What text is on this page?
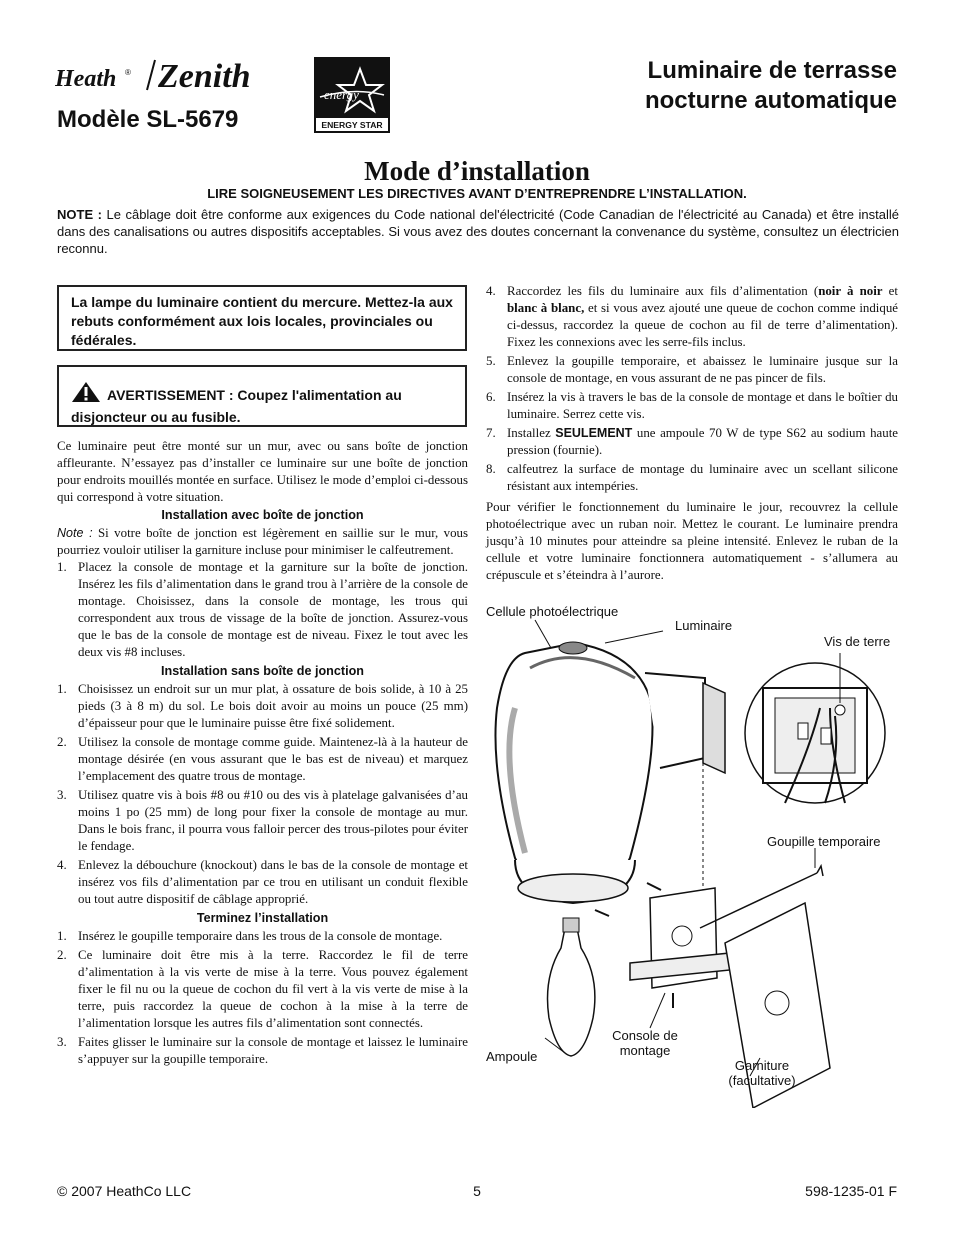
Heath ® Zenith
Modèle SL-5679
energy
ENERGY STAR
Luminaire de terrasse
nocturne automatique
Mode d’installation
LIRE SOIGNEUSEMENT LES DIRECTIVES AVANT D’ENTREPRENDRE L’INSTALLATION.
NOTE : Le câblage doit être conforme aux exigences du Code national del'électricité (Code Canadian de l'électricité au Canada) et être installé dans des canalisations ou autres dispositifs acceptables. Si vous avez des doutes concernant la convenance du système, consultez un électricien reconnu.
La lampe du luminaire contient du mercure. Mettez-la aux rebuts conformément aux lois locales, provinciales ou fédérales.
AVERTISSEMENT : Coupez l'alimentation au disjoncteur ou au fusible.

Ce luminaire peut être monté sur un mur, avec ou sans boîte de jonction affleurante. N’essayez pas d’installer ce luminaire sur une boîte de jonction pour endroits mouillés montée en surface. Utilisez le mode d’emploi ci-dessous qui correspond à votre situation.

Installation avec boîte de jonction

Note : Si votre boîte de jonction est légèrement en saillie sur le mur, vous pourriez vouloir utiliser la garniture incluse pour minimiser le calfeutrement.

1. Placez la console de montage et la garniture sur la boîte de jonction. Insérez les fils d’alimentation dans le grand trou à l’arrière de la console de montage. Choisissez, dans la console de montage, les trous qui correspondent aux trous de vissage de la boîte de jonction. Assurez-vous que le bas de la console de montage est de niveau. Fixez le tout avec les deux vis #8 incluses.

Installation sans boîte de jonction

1. Choisissez un endroit sur un mur plat, à ossature de bois solide, à 10 à 25 pieds (3 à 8 m) du sol. Le bois doit avoir au moins un pouce (25 mm) d’épaisseur pour que le luminaire puisse être fixé solidement.
2. Utilisez la console de montage comme guide. Maintenez-là à la hauteur de montage désirée (en vous assurant que le bas est de niveau) et marquez l’emplacement des quatre trous de montage.
3. Utilisez quatre vis à bois #8 ou #10 ou des vis à platelage galvanisées d’au moins 1 po (25 mm) de long pour fixer la console de montage au mur. Dans le bois franc, il pourra vous falloir percer des trous-pilotes pour éviter le fendage.
4. Enlevez la débouchure (knockout) dans le bas de la console de montage et insérez vos fils d’alimentation par ce trou en utilisant un conduit flexible ou tout autre dispositif de câblage approprié.

Terminez l’installation

1. Insérez le goupille temporaire dans les trous de la console de montage.
2. Ce luminaire doit être mis à la terre. Raccordez le fil de terre d’alimentation à la vis verte de mise à la terre. Vous pouvez également fixer le fil nu ou la queue de cochon du fil vert à la vis verte de mise à la terre, puis raccordez la queue de cochon à la mise à la terre de l’alimentation lorsque les autres fils d’alimentation sont connectés.
3. Faites glisser le luminaire sur la console de montage et laissez le luminaire s’appuyer sur la goupille temporaire.
4. Raccordez les fils du luminaire aux fils d’alimentation (noir à noir et blanc à blanc, et si vous avez ajouté une queue de cochon comme indiqué ci-dessus, raccordez la queue de cochon au fil de terre d’alimentation). Fixez les connexions avec les serre-fils inclus.
5. Enlevez la goupille temporaire, et abaissez le luminaire jusque sur la console de montage, en vous assurant de ne pas pincer de fils.
6. Insérez la vis à travers le bas de la console de montage et dans le boîtier du luminaire. Serrez cette vis.
7. Installez SEULEMENT une ampoule 70 W de type S62 au sodium haute pression (fournie).
8. calfeutrez la surface de montage du luminaire avec un scellant silicone résistant aux intempéries.

Pour vérifier le fonctionnement du luminaire le jour, recouvrez la cellule photoélectrique avec un ruban noir. Mettez le courant. Le luminaire prendra jusqu’à 10 minutes pour atteindre sa pleine intensité. Enlevez le ruban de la cellule et votre luminaire fonctionnera automatiquement - s’allumera au crépuscule et s’éteindra à l’aurore.

Cellule photoélectrique
Luminaire
Vis de terre
Goupille temporaire
Ampoule
Console de
montage
Garniture
(facultative)
© 2007 HeathCo LLC	5	598-1235-01 F
